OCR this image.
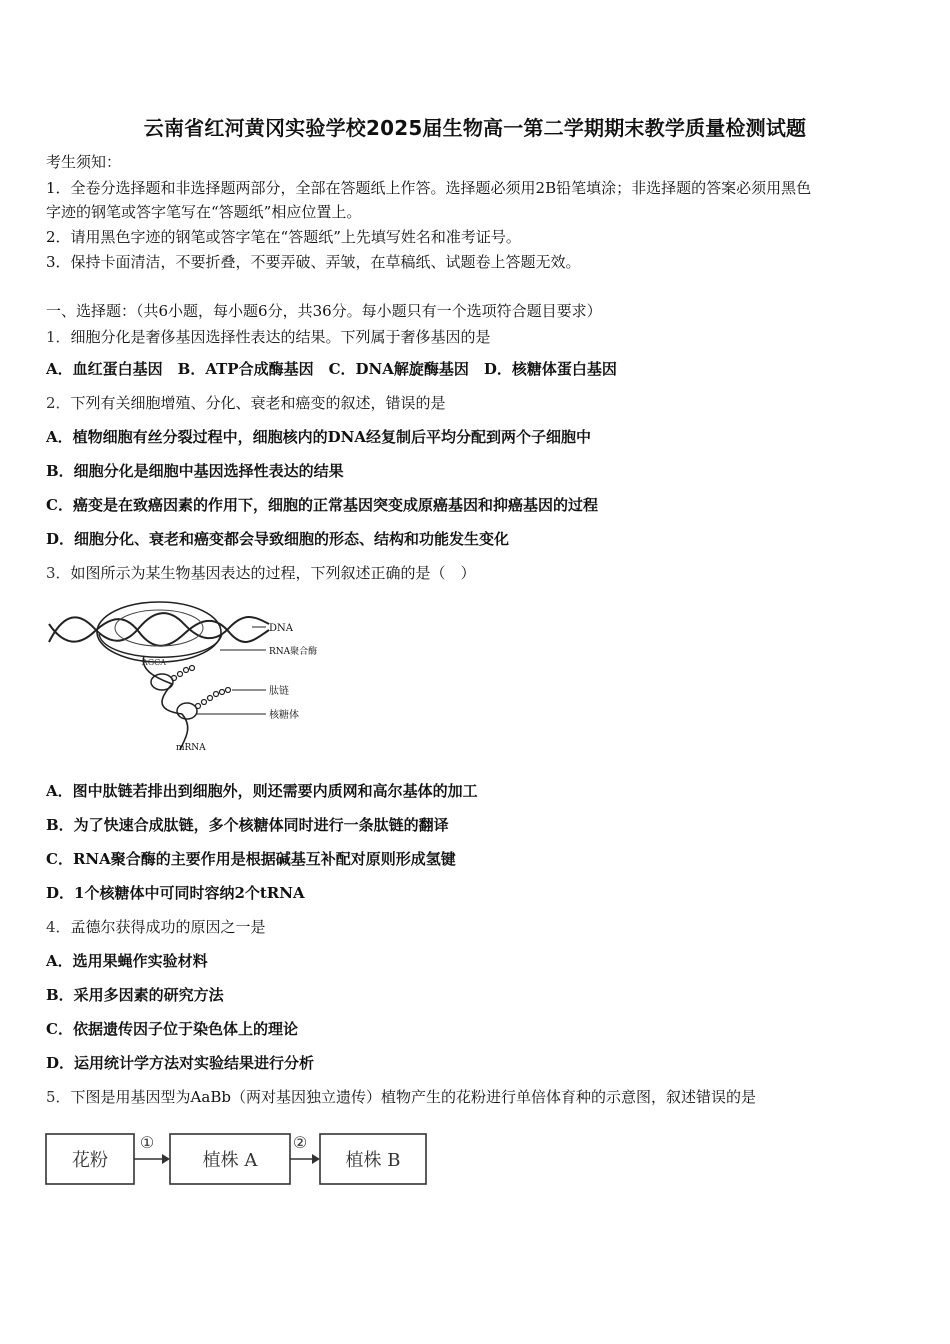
云南省红河黄冈实验学校2025届生物高一第二学期期末教学质量检测试题
考生须知：
1．全卷分选择题和非选择题两部分，全部在答题纸上作答。选择题必须用2B铅笔填涂；非选择题的答案必须用黑色
字迹的钢笔或答字笔写在“答题纸”相应位置上。
2．请用黑色字迹的钢笔或答字笔在“答题纸”上先填写姓名和准考证号。
3．保持卡面清洁，不要折叠，不要弄破、弄皱，在草稿纸、试题卷上答题无效。
一、选择题：（共6小题，每小题6分，共36分。每小题只有一个选项符合题目要求）
1．细胞分化是奢侈基因选择性表达的结果。下列属于奢侈基因的是
A．血红蛋白基因　B．ATP合成酶基因　C．DNA解旋酶基因　D．核糖体蛋白基因
2．下列有关细胞增殖、分化、衰老和癌变的叙述，错误的是
A．植物细胞有丝分裂过程中，细胞核内的DNA经复制后平均分配到两个子细胞中
B．细胞分化是细胞中基因选择性表达的结果
C．癌变是在致癌因素的作用下，细胞的正常基因突变成原癌基因和抑癌基因的过程
D．细胞分化、衰老和癌变都会导致细胞的形态、结构和功能发生变化
3．如图所示为某生物基因表达的过程，下列叙述正确的是（　）
AGCA
DNA
RNA聚合酶
肽链
核糖体
mRNA
A．图中肽链若排出到细胞外，则还需要内质网和高尔基体的加工
B．为了快速合成肽链，多个核糖体同时进行一条肽链的翻译
C．RNA聚合酶的主要作用是根据碱基互补配对原则形成氢键
D．1个核糖体中可同时容纳2个tRNA
4．孟德尔获得成功的原因之一是
A．选用果蝇作实验材料
B．采用多因素的研究方法
C．依据遗传因子位于染色体上的理论
D．运用统计学方法对实验结果进行分析
5．下图是用基因型为AaBb（两对基因独立遗传）植物产生的花粉进行单倍体育种的示意图，叙述错误的是
花粉
①
植株 A
②
植株 B
